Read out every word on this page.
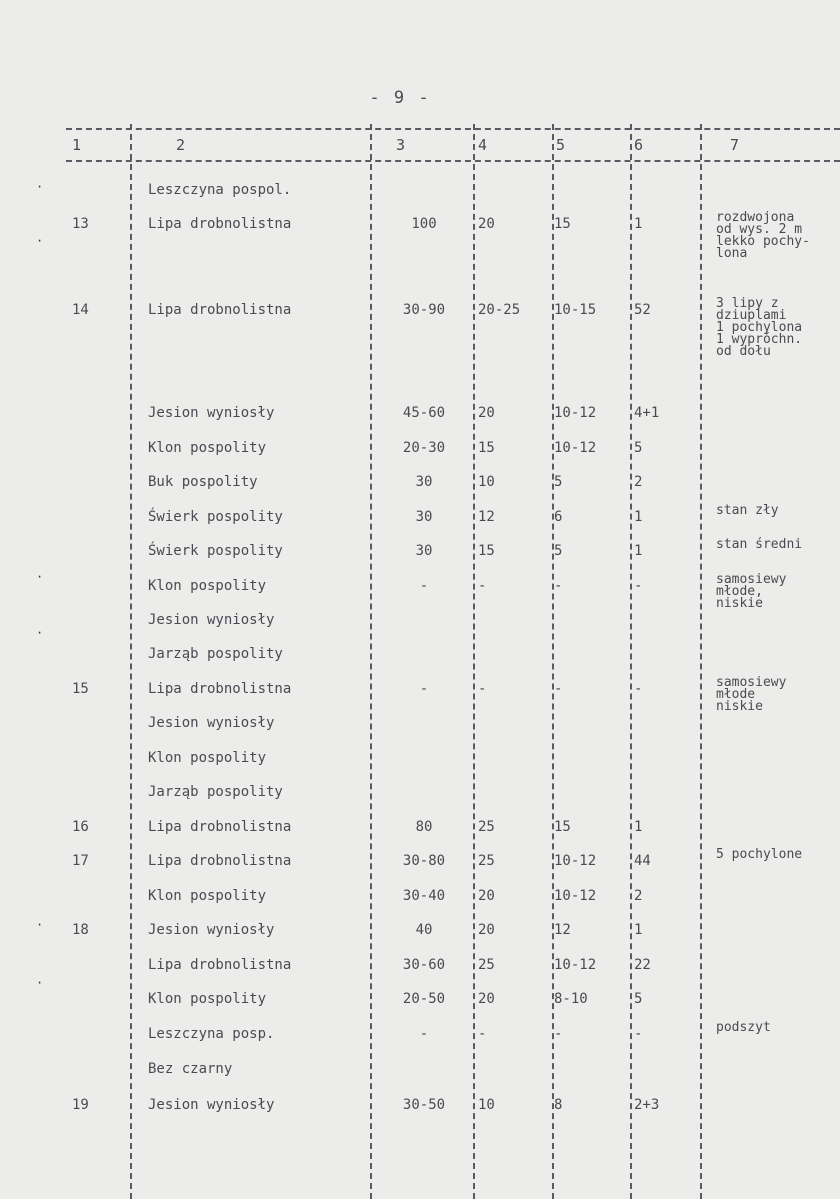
- 9 -
1	2	3	4	5	6	7
·
·
·
·
·
·
Leszczyna pospol.
13	Lipa drobnolistna	100	20	15	1	rozdwojona
od wys. 2 m
lekko pochy-
lona
14	Lipa drobnolistna	30-90	20-25	10-15	52	3 lipy z
dziuplami
1 pochylona
1 wypróchn.
od dołu
Jesion wyniosły	45-60	20	10-12	4+1
Klon pospolity	20-30	15	10-12	5
Buk pospolity	30	10	5	2
Świerk pospolity	30	12	6	1	stan zły
Świerk pospolity	30	15	5	1	stan średni
Klon pospolity	-	-	-	-	samosiewy
młode,
niskie
Jesion wyniosły
Jarząb pospolity
15	Lipa drobnolistna	-	-	-	-	samosiewy
młode
niskie
Jesion wyniosły
Klon pospolity
Jarząb pospolity
16	Lipa drobnolistna	80	25	15	1
17	Lipa drobnolistna	30-80	25	10-12	44	5 pochylone
Klon pospolity	30-40	20	10-12	2
18	Jesion wyniosły	40	20	12	1
Lipa drobnolistna	30-60	25	10-12	22
Klon pospolity	20-50	20	8-10	5
Leszczyna posp.	-	-	-	-	podszyt
Bez czarny
19	Jesion wyniosły	30-50	10	8	2+3
